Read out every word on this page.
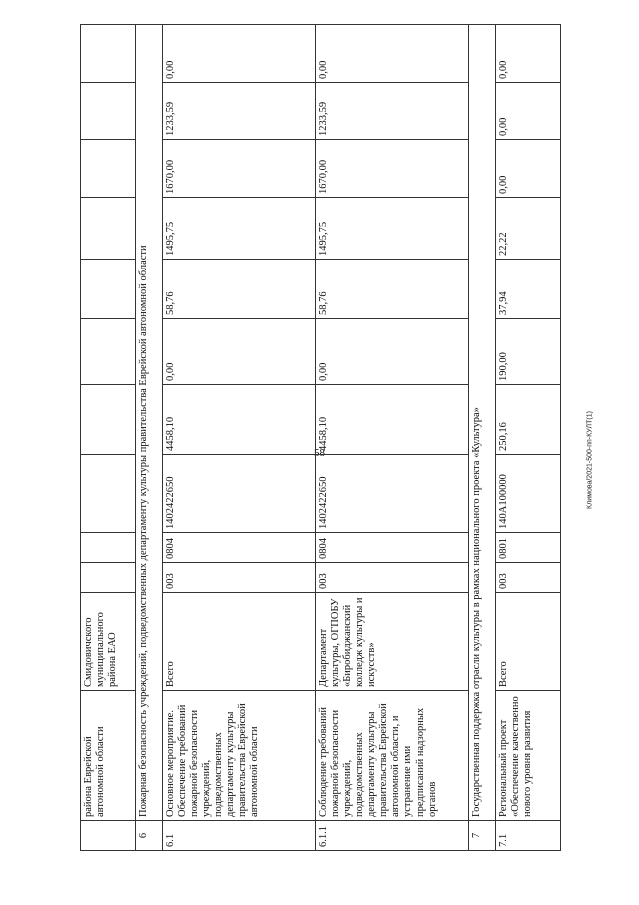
58	Климова/2021-500-пп-КУЛТ(1)
	района Еврейской автономной области	Смидовичского муниципального района ЕАО										
6	Пожарная безопасность учреждений, подведомственных департаменту культуры правительства Еврейской автономной области											
6.1	Основное мероприятие. Обеспечение требований пожарной безопасности учреждений, подведомственных департаменту культуры правительства Еврейской автономной области	Всего	003	0804	1402422650	4458,10	0,00	58,76	1495,75	1670,00	1233,59	0,00
6.1.1	Соблюдение требований пожарной безопасности учреждений, подведомственных департаменту культуры правительства Еврейской автономной области, и устранение ими предписаний надзорных органов	Департамент культуры, ОГПОБУ «Биробиджанский колледж культуры и искусств»	003	0804	1402422650	4458,10	0,00	58,76	1495,75	1670,00	1233,59	0,00
7	Государственная поддержка отрасли культуры в рамках национального проекта «Культура»											
7.1	Региональный проект «Обеспечение качественно нового уровня развития	Всего	003	0801	140А100000	250,16	190,00	37,94	22,22	0,00	0,00	0,00
